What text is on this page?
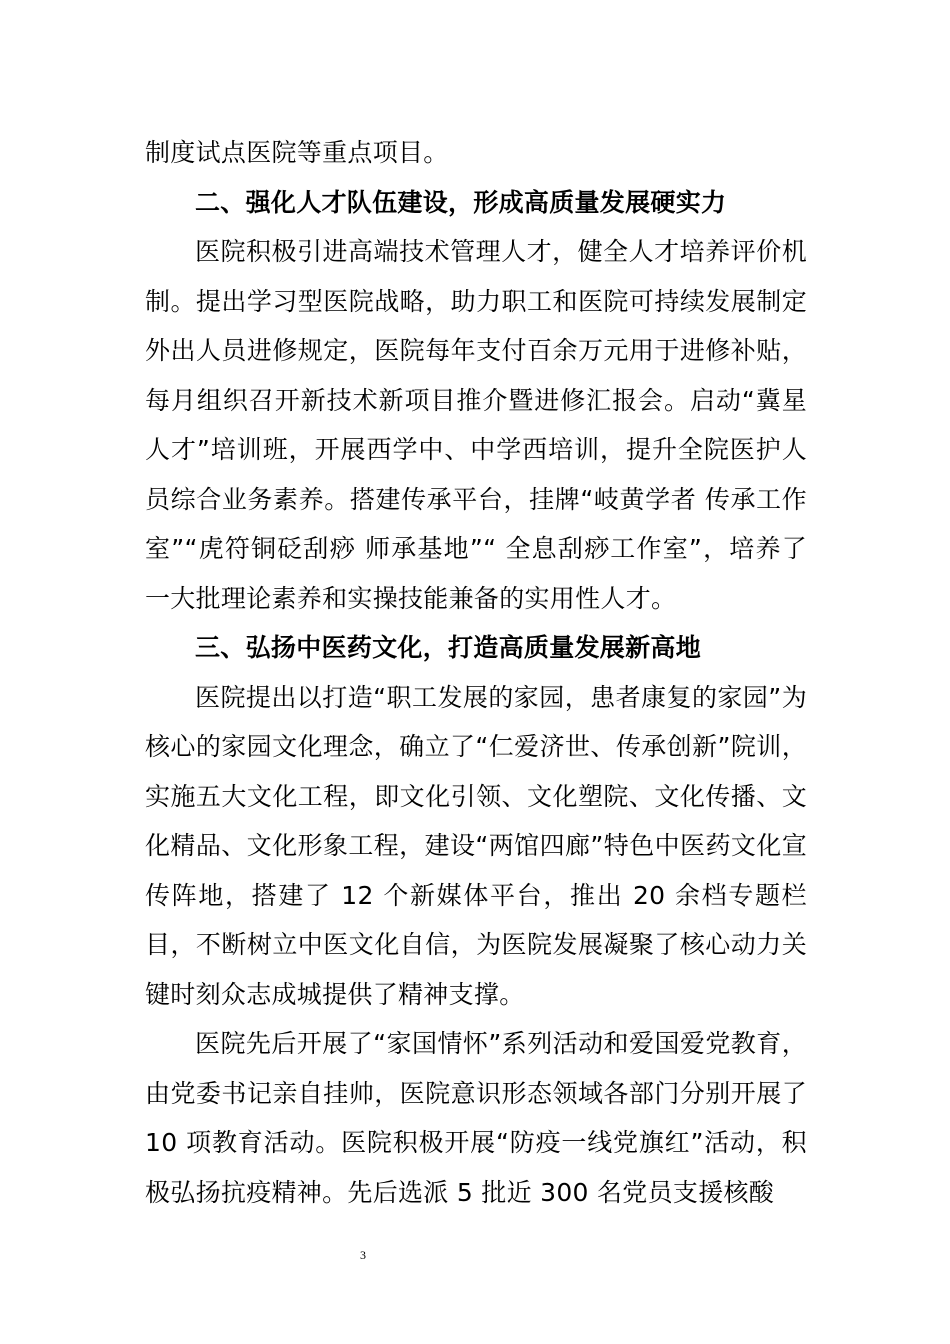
制度试点医院等重点项目。

二、强化人才队伍建设，形成高质量发展硬实力

医院积极引进高端技术管理人才，健全人才培养评价机制。提出学习型医院战略，助力职工和医院可持续发展制定外出人员进修规定，医院每年支付百余万元用于进修补贴，每月组织召开新技术新项目推介暨进修汇报会。启动“冀星人才”培训班，开展西学中、中学西培训，提升全院医护人员综合业务素养。搭建传承平台，挂牌“岐黄学者 传承工作室”“虎符铜砭刮痧 师承基地”“ 全息刮痧工作室”，培养了一大批理论素养和实操技能兼备的实用性人才。

三、弘扬中医药文化，打造高质量发展新高地

医院提出以打造“职工发展的家园，患者康复的家园”为核心的家园文化理念，确立了“仁爱济世、传承创新”院训，实施五大文化工程，即文化引领、文化塑院、文化传播、文化精品、文化形象工程，建设“两馆四廊”特色中医药文化宣传阵地，搭建了 12 个新媒体平台，推出 20 余档专题栏目，不断树立中医文化自信，为医院发展凝聚了核心动力关键时刻众志成城提供了精神支撑。

医院先后开展了“家国情怀”系列活动和爱国爱党教育，由党委书记亲自挂帅，医院意识形态领域各部门分别开展了 10 项教育活动。医院积极开展“防疫一线党旗红”活动，积极弘扬抗疫精神。先后选派 5 批近 300 名党员支援核酸

3
